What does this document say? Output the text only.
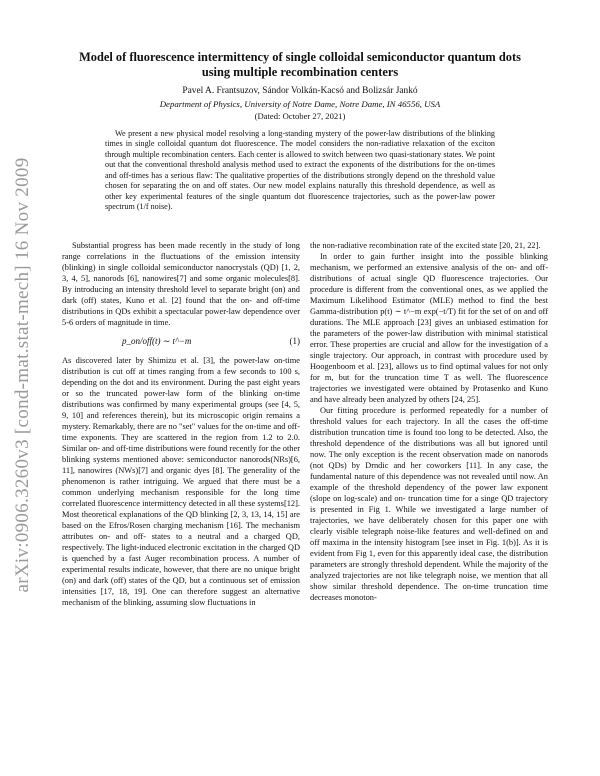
arXiv:0906.3260v3 [cond-mat.stat-mech] 16 Nov 2009
Model of fluorescence intermittency of single colloidal semiconductor quantum dots
using multiple recombination centers
Pavel A. Frantsuzov, Sándor Volkán-Kacsó and Bolizsár Jankó
Department of Physics, University of Notre Dame, Notre Dame, IN 46556, USA
(Dated: October 27, 2021)

We present a new physical model resolving a long-standing mystery of the power-law distributions of the blinking times in single colloidal quantum dot fluorescence. The model considers the non-radiative relaxation of the exciton through multiple recombination centers. Each center is allowed to switch between two quasi-stationary states. We point out that the conventional threshold analysis method used to extract the exponents of the distributions for the on-times and off-times has a serious flaw: The qualitative properties of the distributions strongly depend on the threshold value chosen for separating the on and off states. Our new model explains naturally this threshold dependence, as well as other key experimental features of the single quantum dot fluorescence trajectories, such as the power-law power spectrum (1/f noise).

Substantial progress has been made recently in the study of long range correlations in the fluctuations of the emission intensity (blinking) in single colloidal semiconductor nanocrystals (QD) [1, 2, 3, 4, 5], nanorods [6], nanowires[7] and some organic molecules[8]. By introducing an intensity threshold level to separate bright (on) and dark (off) states, Kuno et al. [2] found that the on- and off-time distributions in QDs exhibit a spectacular power-law dependence over 5-6 orders of magnitude in time.

p_on/off(t) ∼ t^−m	(1)

As discovered later by Shimizu et al. [3], the power-law on-time distribution is cut off at times ranging from a few seconds to 100 s, depending on the dot and its environment. During the past eight years or so the truncated power-law form of the blinking on-time distributions was confirmed by many experimental groups (see [4, 5, 9, 10] and references therein), but its microscopic origin remains a mystery. Remarkably, there are no "set" values for the on-time and off-time exponents. They are scattered in the region from 1.2 to 2.0. Similar on- and off-time distributions were found recently for the other blinking systems mentioned above: semiconductor nanorods(NRs)[6, 11], nanowires (NWs)[7] and organic dyes [8]. The generality of the phenomenon is rather intriguing. We argued that there must be a common underlying mechanism responsible for the long time correlated fluorescence intermittency detected in all these systems[12]. Most theoretical explanations of the QD blinking [2, 3, 13, 14, 15] are based on the Efros/Rosen charging mechanism [16]. The mechanism attributes on- and off- states to a neutral and a charged QD, respectively. The light-induced electronic excitation in the charged QD is quenched by a fast Auger recombination process. A number of experimental results indicate, however, that there are no unique bright (on) and dark (off) states of the QD, but a continuous set of emission intensities [17, 18, 19]. One can therefore suggest an alternative mechanism of the blinking, assuming slow fluctuations in

the non-radiative recombination rate of the excited state [20, 21, 22].

In order to gain further insight into the possible blinking mechanism, we performed an extensive analysis of the on- and off- distributions of actual single QD fluorescence trajectories. Our procedure is different from the conventional ones, as we applied the Maximum Likelihood Estimator (MLE) method to find the best Gamma-distribution p(t) ∼ t^−m exp(−t/T) fit for the set of on and off durations. The MLE approach [23] gives an unbiased estimation for the parameters of the power-law distribution with minimal statistical error. These properties are crucial and allow for the investigation of a single trajectory. Our approach, in contrast with procedure used by Hoogenboom et al. [23], allows us to find optimal values for not only for m, but for the truncation time T as well. The fluorescence trajectories we investigated were obtained by Protasenko and Kuno and have already been analyzed by others [24, 25].

Our fitting procedure is performed repeatedly for a number of threshold values for each trajectory. In all the cases the off-time distribution truncation time is found too long to be detected. Also, the threshold dependence of the distributions was all but ignored until now. The only exception is the recent observation made on nanorods (not QDs) by Drndic and her coworkers [11]. In any case, the fundamental nature of this dependence was not revealed until now. An example of the threshold dependency of the power law exponent (slope on log-scale) and on- truncation time for a singe QD trajectory is presented in Fig 1. While we investigated a large number of trajectories, we have deliberately chosen for this paper one with clearly visible telegraph noise-like features and well-defined on and off maxima in the intensity histogram [see inset in Fig. 1(b)]. As it is evident from Fig 1, even for this apparently ideal case, the distribution parameters are strongly threshold dependent. While the majority of the analyzed trajectories are not like telegraph noise, we mention that all show similar threshold dependence. The on-time truncation time decreases monoton-
